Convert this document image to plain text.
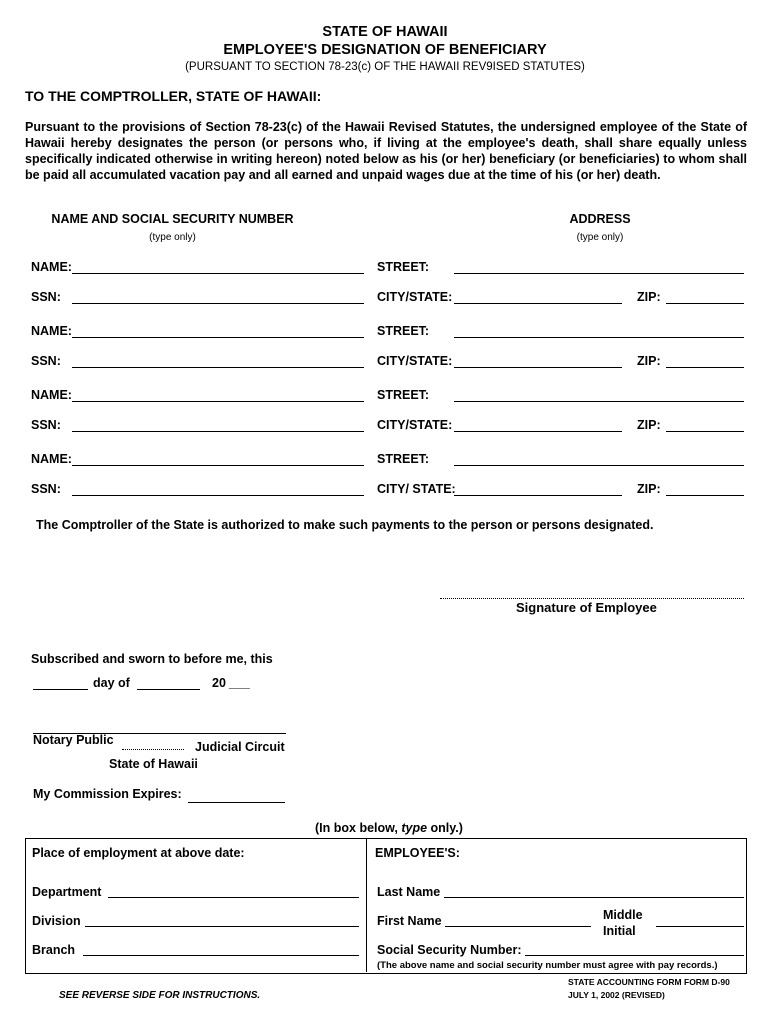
STATE OF HAWAII
EMPLOYEE'S DESIGNATION OF BENEFICIARY
(PURSUANT TO SECTION 78-23(c) OF THE HAWAII REV9ISED STATUTES)
TO THE COMPTROLLER, STATE OF HAWAII:
Pursuant to the provisions of Section 78-23(c) of the Hawaii Revised Statutes, the undersigned employee of the State of Hawaii hereby designates the person (or persons who, if living at the employee's death, shall share equally unless specifically indicated otherwise in writing hereon) noted below as his (or her) beneficiary (or beneficiaries) to whom shall be paid all accumulated vacation pay and all earned and unpaid wages due at the time of his (or her) death.
NAME AND SOCIAL SECURITY NUMBER
(type only)
ADDRESS
(type only)
NAME:
SSN:
STREET:
CITY/STATE:	ZIP:
NAME:
SSN:
STREET:
CITY/STATE:	ZIP:
NAME:
SSN:
STREET:
CITY/STATE:	ZIP:
NAME:
SSN:
STREET:
CITY/ STATE:	ZIP:
The Comptroller of the State is authorized to make such payments to the person or persons designated.
Signature of Employee
Subscribed and sworn to before me, this
day of	20 ___
Notary Public	Judicial Circuit
State of Hawaii
My Commission Expires:
(In box below, type only.)
Place of employment at above date:
Department
Division
Branch
EMPLOYEE'S:
Last Name
First Name	Middle
Initial
Social Security Number:
(The above name and social security number must agree with pay records.)
SEE REVERSE SIDE FOR INSTRUCTIONS.
STATE ACCOUNTING FORM FORM D-90
JULY 1, 2002 (REVISED)
